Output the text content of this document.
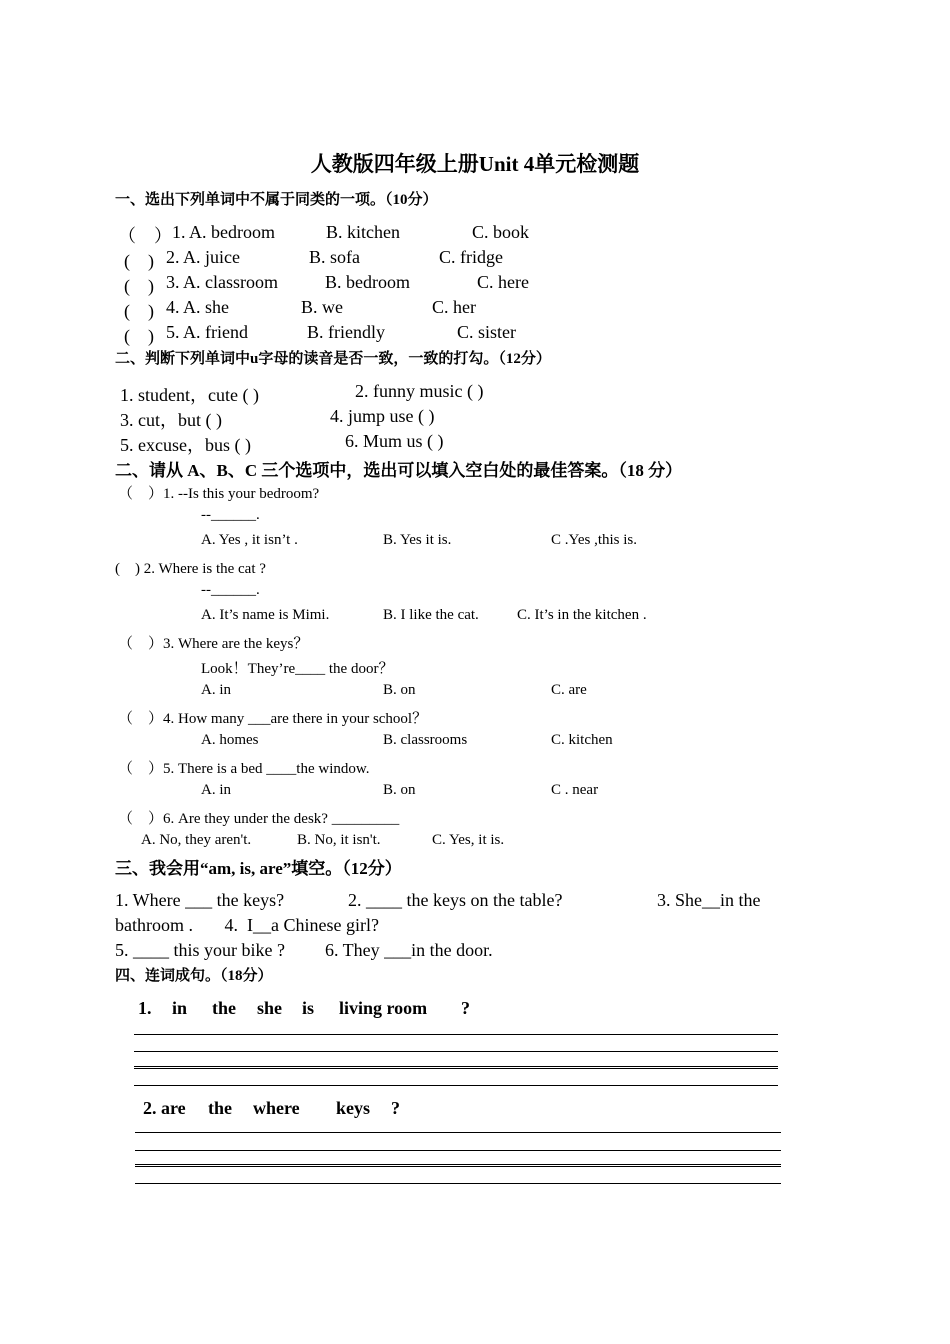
人教版四年级上册Unit 4单元检测题
一、选出下列单词中不属于同类的一项。（10分）
（　） 1. A. bedroom	B. kitchen	C. book
(　) 2. A. juice	B. sofa	C. fridge
(　) 3. A. classroom	B. bedroom	C. here
(　) 4. A. she	B. we	C. her
(　) 5. A. friend	B. friendly	C. sister
二、判断下列单词中u字母的读音是否一致，一致的打勾。（12分）
1. student，cute ( )	2. funny music ( )
3. cut，but ( )	4. jump use ( )
5. excuse，bus ( )	6. Mum us ( )
二、请从 A、B、C 三个选项中，选出可以填入空白处的最佳答案。（18 分）
（　）1. --Is this your bedroom?
--______.
A. Yes , it isn’t .	B. Yes it is.	C .Yes ,this is.
(　) 2. Where is the cat ?
--______.
A. It’s name is Mimi.	B. I like the cat.	C. It’s in the kitchen .
（　）3. Where are the keys？
Look！They’re____ the door？
A. in	B. on	C. are
（　）4. How many ___are there in your school？
A. homes	B. classrooms	C. kitchen
（　）5. There is a bed ____the window.
A. in	B. on	C . near
（　）6. Are they under the desk? _________
A. No, they aren't.	B. No, it isn't.	C. Yes, it is.
三、我会用“am, is, are”填空。（12分）
1. Where ___ the keys?	2. ____ the keys on the table?	3. She__in the
bathroom .       4.  I__a Chinese girl?
5. ____ this your bike ? 6. They ___in the door.
四、连词成句。（18分）
1. in the she is living room ?
2. are the where keys ?
